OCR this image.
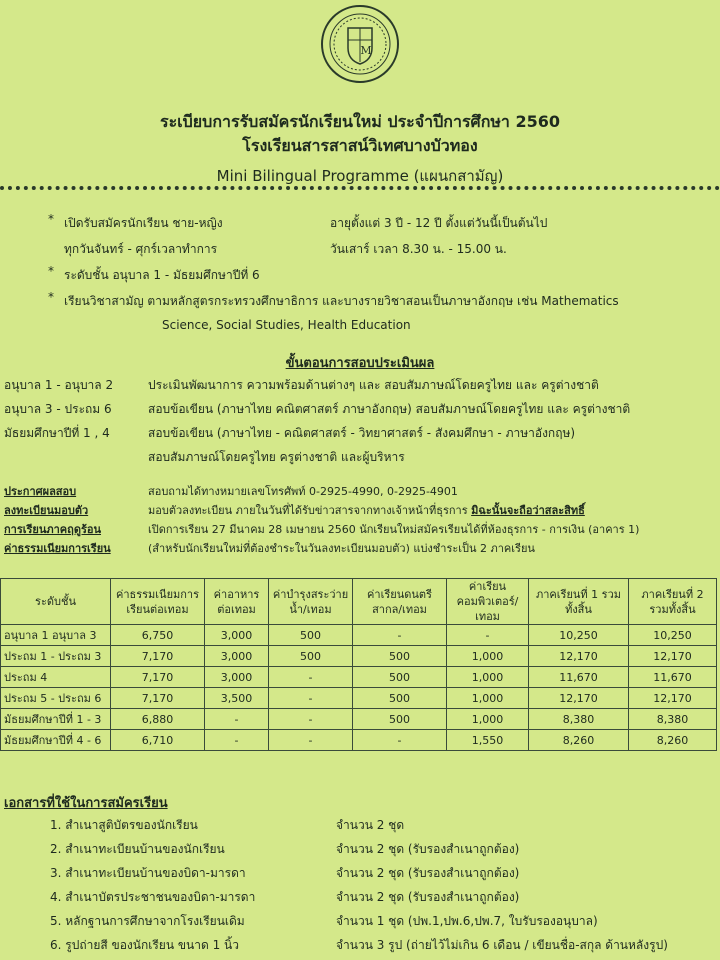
M
ระเบียบการรับสมัครนักเรียนใหม่ ประจำปีการศึกษา 2560
โรงเรียนสารสาสน์วิเทศบางบัวทอง
Mini Bilingual Programme (แผนกสามัญ)
* เปิดรับสมัครนักเรียน ชาย-หญิง	อายุตั้งแต่ 3 ปี - 12 ปี ตั้งแต่วันนี้เป็นต้นไป
ทุกวันจันทร์ - ศุกร์เวลาทำการ	วันเสาร์ เวลา 8.30 น. - 15.00 น.
* ระดับชั้น อนุบาล 1 - มัธยมศึกษาปีที่ 6
* เรียนวิชาสามัญ ตามหลักสูตรกระทรวงศึกษาธิการ และบางรายวิชาสอนเป็นภาษาอังกฤษ เช่น Mathematics
Science, Social Studies, Health Education
ขั้นตอนการสอบประเมินผล
อนุบาล 1 - อนุบาล 2	ประเมินพัฒนาการ ความพร้อมด้านต่างๆ และ สอบสัมภาษณ์โดยครูไทย และ ครูต่างชาติ
อนุบาล 3 - ประถม 6	สอบข้อเขียน (ภาษาไทย คณิตศาสตร์ ภาษาอังกฤษ) สอบสัมภาษณ์โดยครูไทย และ ครูต่างชาติ
มัธยมศึกษาปีที่ 1 , 4	สอบข้อเขียน (ภาษาไทย - คณิตศาสตร์ - วิทยาศาสตร์ - สังคมศึกษา - ภาษาอังกฤษ)
สอบสัมภาษณ์โดยครูไทย ครูต่างชาติ และผู้บริหาร
ประกาศผลสอบ	สอบถามได้ทางหมายเลขโทรศัพท์ 0-2925-4990, 0-2925-4901
ลงทะเบียนมอบตัว	มอบตัวลงทะเบียน ภายในวันที่ได้รับข่าวสารจากทางเจ้าหน้าที่ธุรการ มิฉะนั้นจะถือว่าสละสิทธิ์
การเรียนภาคฤดูร้อน	เปิดการเรียน 27 มีนาคม 28 เมษายน 2560 นักเรียนใหม่สมัครเรียนได้ที่ห้องธุรการ - การเงิน (อาคาร 1)
ค่าธรรมเนียมการเรียน	(สำหรับนักเรียนใหม่ที่ต้องชำระในวันลงทะเบียนมอบตัว) แบ่งชำระเป็น 2 ภาคเรียน
ระดับชั้น	ค่าธรรมเนียมการเรียนต่อเทอม	ค่าอาหารต่อเทอม	ค่าบำรุงสระว่ายน้ำ/เทอม	ค่าเรียนดนตรีสากล/เทอม	ค่าเรียนคอมพิวเตอร์/เทอม	ภาคเรียนที่ 1 รวมทั้งสิ้น	ภาคเรียนที่ 2 รวมทั้งสิ้น
อนุบาล 1 อนุบาล 3	6,750	3,000	500	-	-	10,250	10,250
ประถม 1 - ประถม 3	7,170	3,000	500	500	1,000	12,170	12,170
ประถม 4	7,170	3,000	-	500	1,000	11,670	11,670
ประถม 5 - ประถม 6	7,170	3,500	-	500	1,000	12,170	12,170
มัธยมศึกษาปีที่ 1 - 3	6,880	-	-	500	1,000	8,380	8,380
มัธยมศึกษาปีที่ 4 - 6	6,710	-	-	-	1,550	8,260	8,260
เอกสารที่ใช้ในการสมัครเรียน
1. สำเนาสูติบัตรของนักเรียน	จำนวน 2 ชุด
2. สำเนาทะเบียนบ้านของนักเรียน	จำนวน 2 ชุด (รับรองสำเนาถูกต้อง)
3. สำเนาทะเบียนบ้านของบิดา-มารดา	จำนวน 2 ชุด (รับรองสำเนาถูกต้อง)
4. สำเนาบัตรประชาชนของบิดา-มารดา	จำนวน 2 ชุด (รับรองสำเนาถูกต้อง)
5. หลักฐานการศึกษาจากโรงเรียนเดิม	จำนวน 1 ชุด (ปพ.1,ปพ.6,ปพ.7, ใบรับรองอนุบาล)
6. รูปถ่ายสี ของนักเรียน ขนาด 1 นิ้ว	จำนวน 3 รูป (ถ่ายไว้ไม่เกิน 6 เดือน / เขียนชื่อ-สกุล ด้านหลังรูป)
